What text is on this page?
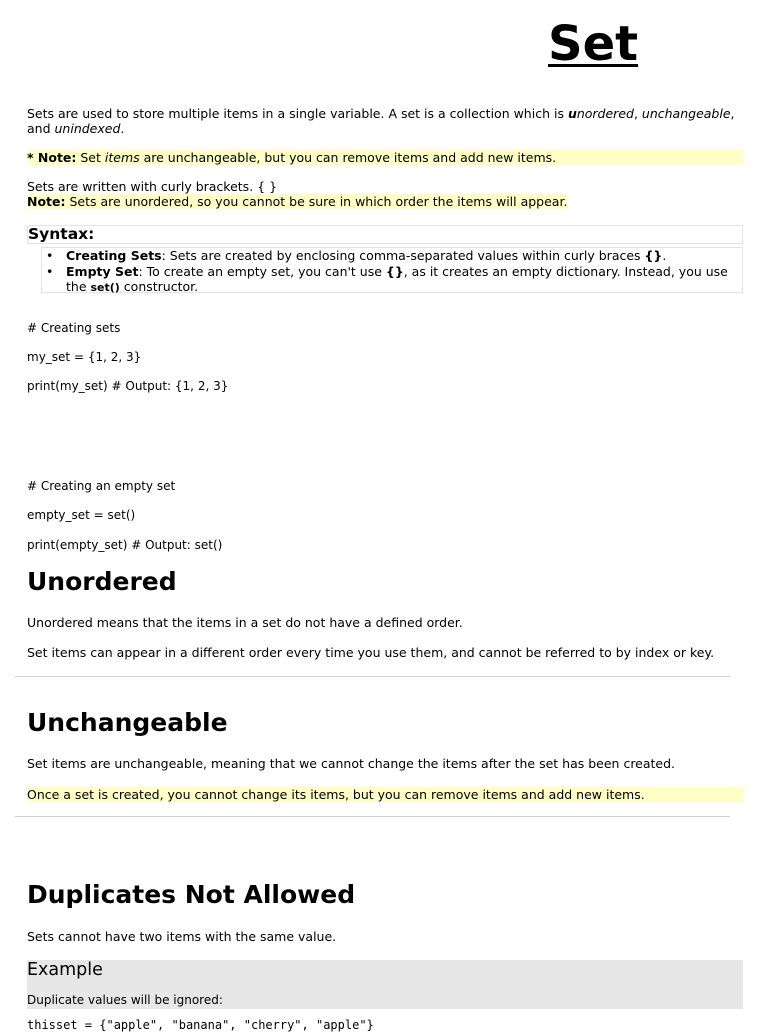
Set
Sets are used to store multiple items in a single variable. A set is a collection which is unordered, unchangeable,
and unindexed.
* Note: Set items are unchangeable, but you can remove items and add new items.
Sets are written with curly brackets. { }
Note: Sets are unordered, so you cannot be sure in which order the items will appear.
Syntax:
• Creating Sets: Sets are created by enclosing comma-separated values within curly braces {}.
• Empty Set: To create an empty set, you can't use {}, as it creates an empty dictionary. Instead, you use the set() constructor.
# Creating sets
my_set = {1, 2, 3}
print(my_set) # Output: {1, 2, 3}
# Creating an empty set
empty_set = set()
print(empty_set) # Output: set()
Unordered
Unordered means that the items in a set do not have a defined order.
Set items can appear in a different order every time you use them, and cannot be referred to by index or key.
Unchangeable
Set items are unchangeable, meaning that we cannot change the items after the set has been created.
Once a set is created, you cannot change its items, but you can remove items and add new items.
Duplicates Not Allowed
Sets cannot have two items with the same value.
Example
Duplicate values will be ignored:
thisset = {"apple", "banana", "cherry", "apple"}
